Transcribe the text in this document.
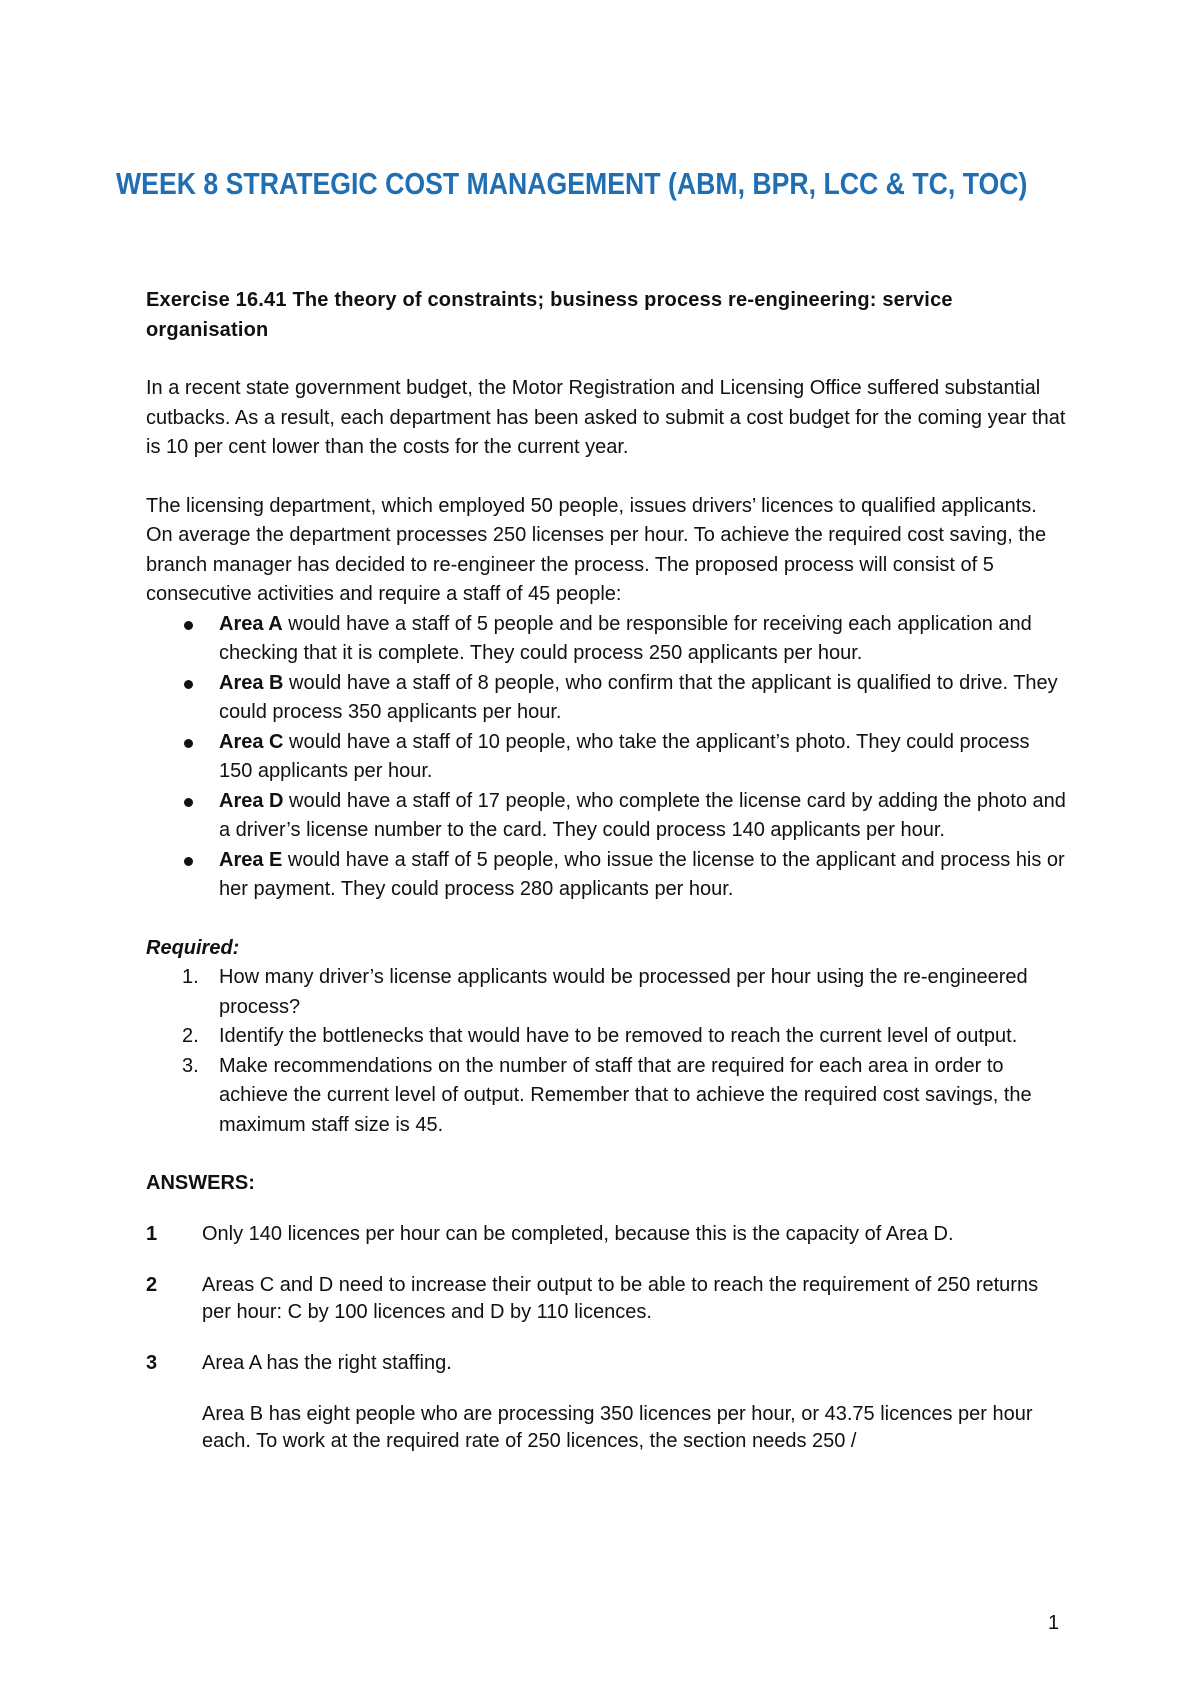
WEEK 8 STRATEGIC COST MANAGEMENT (ABM, BPR, LCC & TC, TOC)

Exercise 16.41 The theory of constraints; business process re-engineering: service organisation

In a recent state government budget, the Motor Registration and Licensing Office suffered substantial cutbacks. As a result, each department has been asked to submit a cost budget for the coming year that is 10 per cent lower than the costs for the current year.

The licensing department, which employed 50 people, issues drivers’ licences to qualified applicants. On average the department processes 250 licenses per hour. To achieve the required cost saving, the branch manager has decided to re-engineer the process. The proposed process will consist of 5 consecutive activities and require a staff of 45 people:

Area A would have a staff of 5 people and be responsible for receiving each application and checking that it is complete. They could process 250 applicants per hour.
Area B would have a staff of 8 people, who confirm that the applicant is qualified to drive. They could process 350 applicants per hour.
Area C would have a staff of 10 people, who take the applicant’s photo. They could process 150 applicants per hour.
Area D would have a staff of 17 people, who complete the license card by adding the photo and a driver’s license number to the card. They could process 140 applicants per hour.
Area E would have a staff of 5 people, who issue the license to the applicant and process his or her payment. They could process 280 applicants per hour.

Required:

1. How many driver’s license applicants would be processed per hour using the re-engineered process?
2. Identify the bottlenecks that would have to be removed to reach the current level of output.
3. Make recommendations on the number of staff that are required for each area in order to achieve the current level of output. Remember that to achieve the required cost savings, the maximum staff size is 45.

ANSWERS:

1 Only 140 licences per hour can be completed, because this is the capacity of Area D.

2 Areas C and D need to increase their output to be able to reach the requirement of 250 returns per hour: C by 100 licences and D by 110 licences.

3 Area A has the right staffing.

Area B has eight people who are processing 350 licences per hour, or 43.75 licences per hour each. To work at the required rate of 250 licences, the section needs 250 /

1
